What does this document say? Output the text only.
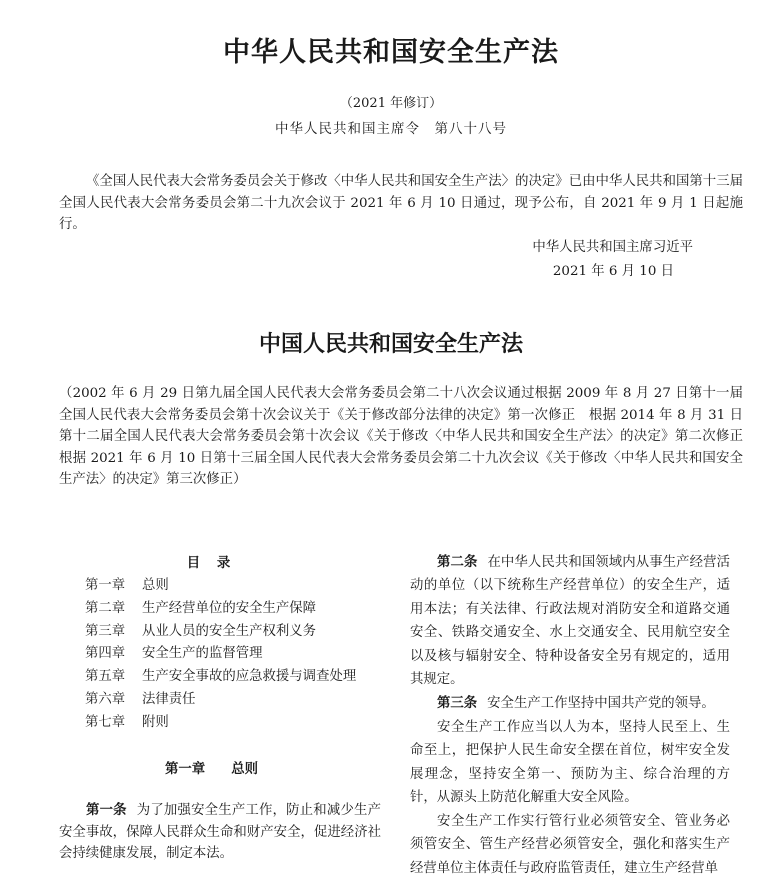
中华人民共和国安全生产法
（2021 年修订）
中华人民共和国主席令　第八十八号
《全国人民代表大会常务委员会关于修改〈中华人民共和国安全生产法〉的决定》已由中华人民共和国第十三届全国人民代表大会常务委员会第二十九次会议于 2021 年 6 月 10 日通过，现予公布，自 2021 年 9 月 1 日起施行。
中华人民共和国主席习近平
2021 年 6 月 10 日
中国人民共和国安全生产法
（2002 年 6 月 29 日第九届全国人民代表大会常务委员会第二十八次会议通过根据 2009 年 8 月 27 日第十一届全国人民代表大会常务委员会第十次会议关于《关于修改部分法律的决定》第一次修正　根据 2014 年 8 月 31 日第十二届全国人民代表大会常务委员会第十次会议《关于修改〈中华人民共和国安全生产法〉的决定》第二次修正　根据 2021 年 6 月 10 日第十三届全国人民代表大会常务委员会第二十九次会议《关于修改〈中华人民共和国安全生产法〉的决定》第三次修正）
目 录
第一章 总则
第二章 生产经营单位的安全生产保障
第三章 从业人员的安全生产权利义务
第四章 安全生产的监督管理
第五章 生产安全事故的应急救援与调查处理
第六章 法律责任
第七章 附则
第一章 总则
第一条 为了加强安全生产工作，防止和减少生产安全事故，保障人民群众生命和财产安全，促进经济社会持续健康发展，制定本法。

第二条 在中华人民共和国领域内从事生产经营活动的单位（以下统称生产经营单位）的安全生产，适用本法；有关法律、行政法规对消防安全和道路交通安全、铁路交通安全、水上交通安全、民用航空安全以及核与辐射安全、特种设备安全另有规定的，适用其规定。

第三条 安全生产工作坚持中国共产党的领导。

安全生产工作应当以人为本，坚持人民至上、生命至上，把保护人民生命安全摆在首位，树牢安全发展理念，坚持安全第一、预防为主、综合治理的方针，从源头上防范化解重大安全风险。

安全生产工作实行管行业必须管安全、管业务必须管安全、管生产经营必须管安全，强化和落实生产经营单位主体责任与政府监管责任，建立生产经营单
